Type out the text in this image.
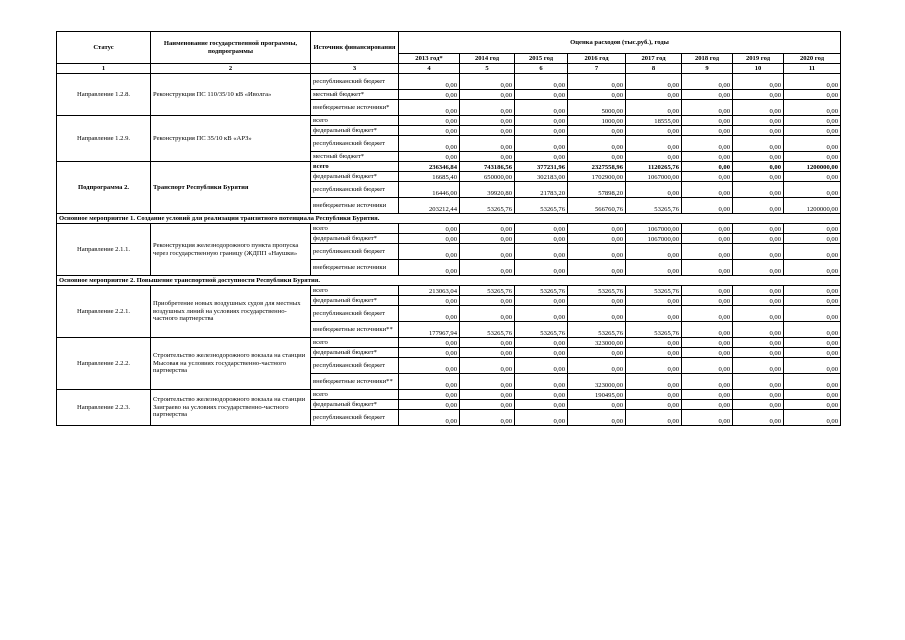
Статус	Наименование государственной программы, подпрограммы	Источник финансирования	Оценка расходов (тыс.руб.), годы							
			2013 год*	2014 год	2015 год	2016 год	2017 год	2018 год	2019 год	2020 год
1	2	3	4	5	6	7	8	9	10	11
Направление 1.2.8.	Реконструкция ПС 110/35/10 кВ «Иволга»	республиканский бюджет	0,00	0,00	0,00	0,00	0,00	0,00	0,00	0,00
		местный бюджет*	0,00	0,00	0,00	0,00	0,00	0,00	0,00	0,00
		внебюджетные источники*	0,00	0,00	0,00	5000,00	0,00	0,00	0,00	0,00
Направление 1.2.9.	Реконструкция ПС 35/10 кВ «АРЗ»	всего	0,00	0,00	0,00	1000,00	18555,00	0,00	0,00	0,00
		федеральный бюджет*	0,00	0,00	0,00	0,00	0,00	0,00	0,00	0,00
		республиканский бюджет	0,00	0,00	0,00	0,00	0,00	0,00	0,00	0,00
		местный бюджет*	0,00	0,00	0,00	0,00	0,00	0,00	0,00	0,00
Подпрограмма 2.	Транспорт Республики Бурятия	всего	236346,84	743186,56	377231,96	2327558,96	1120265,76	0,00	0,00	1200000,00
		федеральный бюджет*	16685,40	650000,00	302183,00	1702900,00	1067000,00	0,00	0,00	0,00
		республиканский бюджет	16446,00	39920,80	21783,20	57898,20	0,00	0,00	0,00	0,00
		внебюджетные источники	203212,44	53265,76	53265,76	566760,76	53265,76	0,00	0,00	1200000,00
Основное мероприятие 1. Создание условий для реализации транзитного потенциала Республики Бурятия.										
Направление 2.1.1.	Реконструкция железнодорожного пункта пропуска через государственную границу (ЖДПП «Наушки»	всего	0,00	0,00	0,00	0,00	1067000,00	0,00	0,00	0,00
		федеральный бюджет*	0,00	0,00	0,00	0,00	1067000,00	0,00	0,00	0,00
		республиканский бюджет	0,00	0,00	0,00	0,00	0,00	0,00	0,00	0,00
		внебюджетные источники	0,00	0,00	0,00	0,00	0,00	0,00	0,00	0,00
Основное мероприятие 2. Повышение транспортной доступности Республики Бурятия.										
Направление 2.2.1.	Приобретение новых воздушных судов для местных воздушных линий на условиях государственно-частного партнерства	всего	213063,04	53265,76	53265,76	53265,76	53265,76	0,00	0,00	0,00
		федеральный бюджет*	0,00	0,00	0,00	0,00	0,00	0,00	0,00	0,00
		республиканский бюджет	0,00	0,00	0,00	0,00	0,00	0,00	0,00	0,00
		внебюджетные источники**	177967,94	53265,76	53265,76	53265,76	53265,76	0,00	0,00	0,00
Направление 2.2.2.	Строительство железнодорожного вокзала на станции Мысовая на условиях государственно-частного партнерства	всего	0,00	0,00	0,00	323000,00	0,00	0,00	0,00	0,00
		федеральный бюджет*	0,00	0,00	0,00	0,00	0,00	0,00	0,00	0,00
		республиканский бюджет	0,00	0,00	0,00	0,00	0,00	0,00	0,00	0,00
		внебюджетные источники**	0,00	0,00	0,00	323000,00	0,00	0,00	0,00	0,00
Направление 2.2.3.	Строительство железнодорожного вокзала на станции Заиграево на условиях государственно-частного партнерства	всего	0,00	0,00	0,00	190495,00	0,00	0,00	0,00	0,00
		федеральный бюджет*	0,00	0,00	0,00	0,00	0,00	0,00	0,00	0,00
		республиканский бюджет	0,00	0,00	0,00	0,00	0,00	0,00	0,00	0,00
